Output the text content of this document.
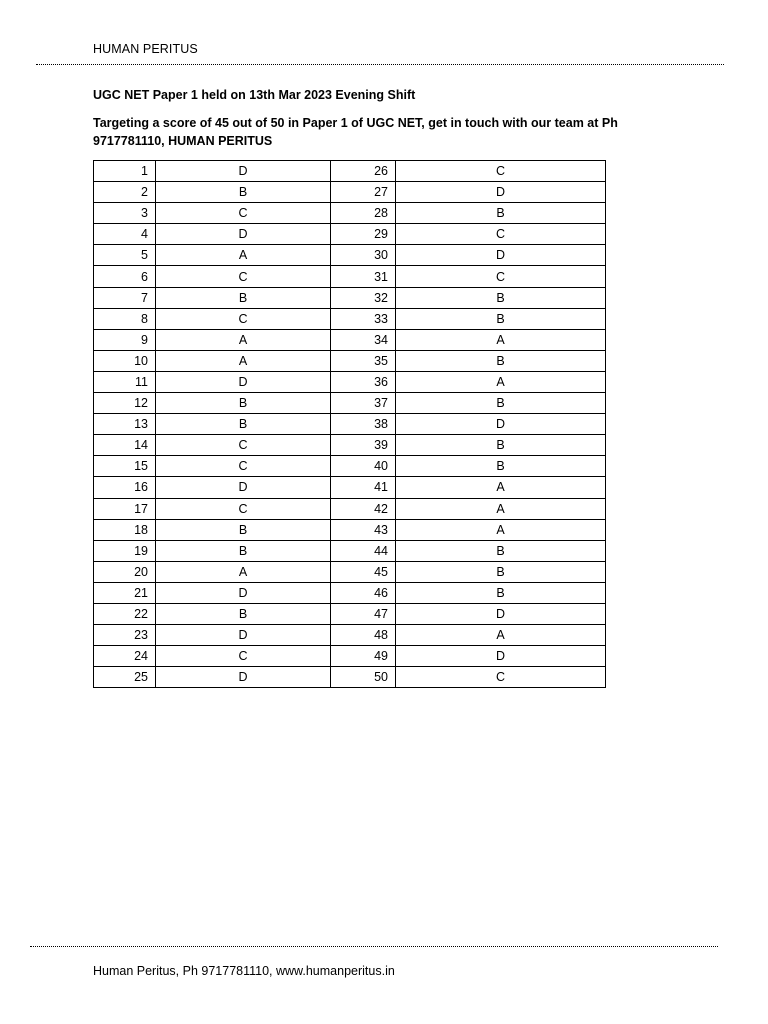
HUMAN PERITUS
UGC NET Paper 1 held on 13th Mar 2023 Evening Shift
Targeting a score of 45 out of 50 in Paper 1 of UGC NET, get in touch with our team at Ph 9717781110, HUMAN PERITUS
1	D	26	C
2	B	27	D
3	C	28	B
4	D	29	C
5	A	30	D
6	C	31	C
7	B	32	B
8	C	33	B
9	A	34	A
10	A	35	B
11	D	36	A
12	B	37	B
13	B	38	D
14	C	39	B
15	C	40	B
16	D	41	A
17	C	42	A
18	B	43	A
19	B	44	B
20	A	45	B
21	D	46	B
22	B	47	D
23	D	48	A
24	C	49	D
25	D	50	C
Human Peritus, Ph 9717781110, www.humanperitus.in
